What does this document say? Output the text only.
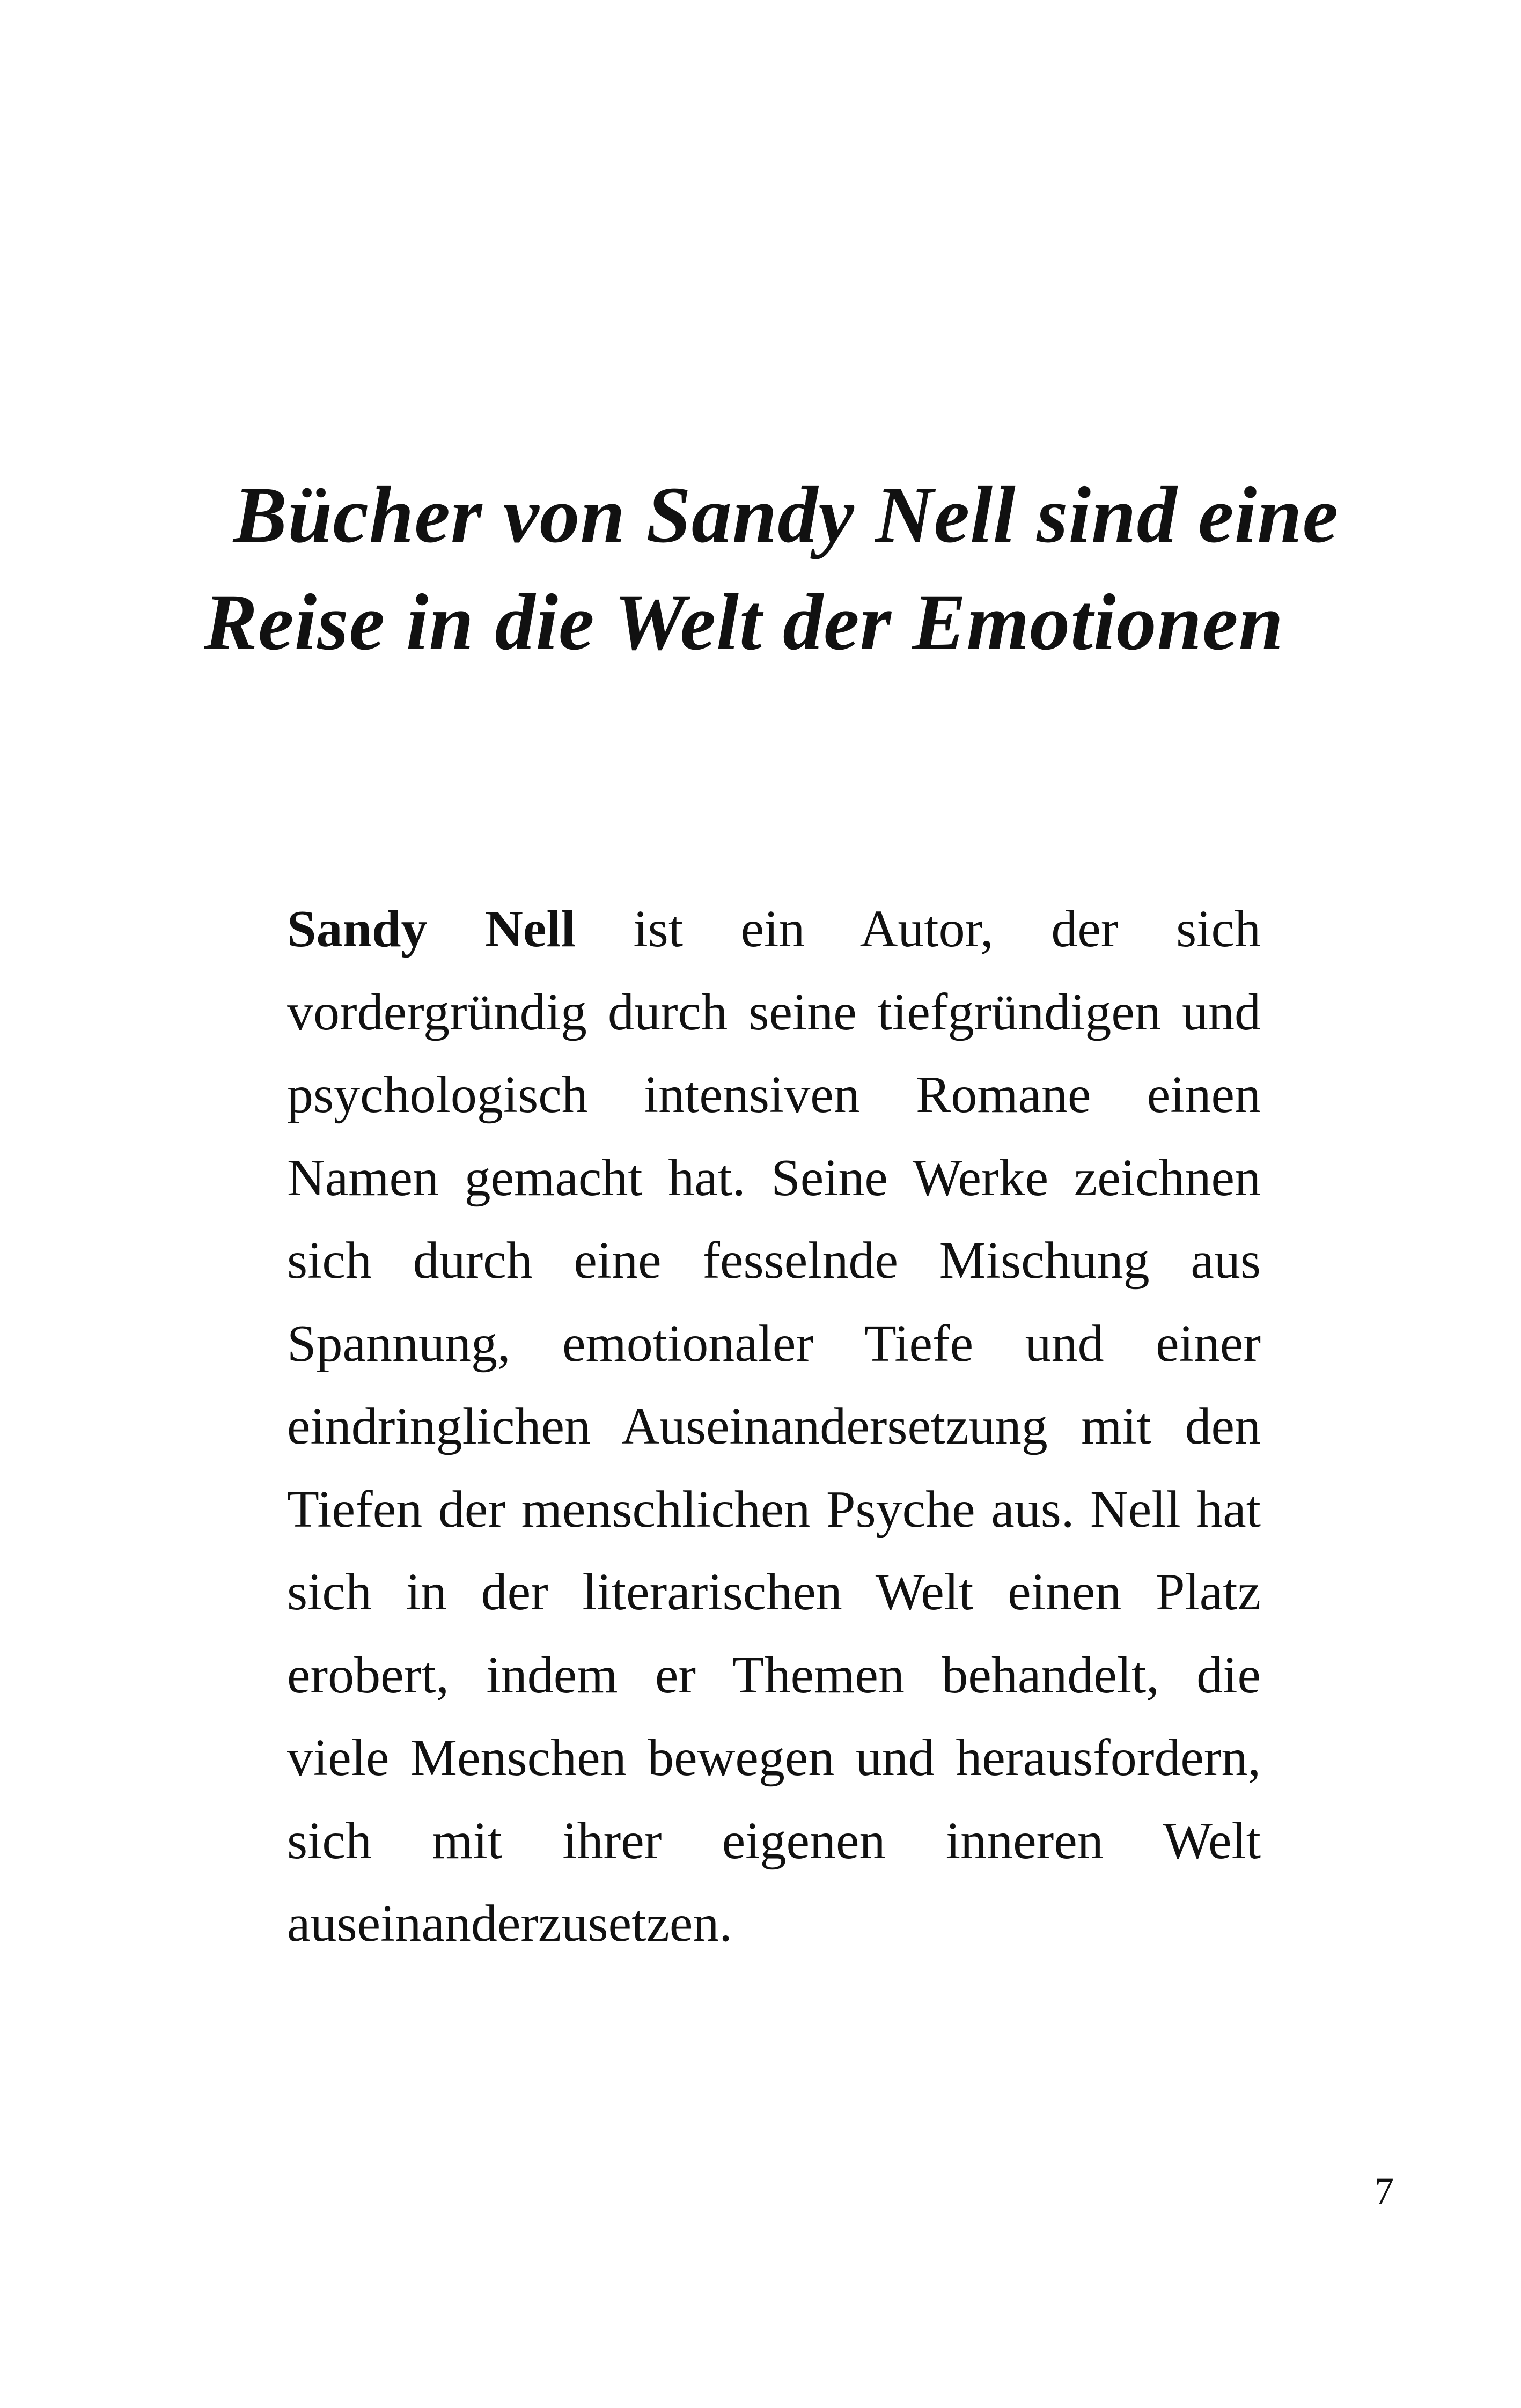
Bücher von Sandy Nell sind eine
Reise in die Welt der Emotionen

Sandy Nell ist ein Autor, der sich vordergründig durch seine tiefgründigen und psychologisch intensiven Romane einen Namen gemacht hat. Seine Werke zeichnen sich durch eine fesselnde Mischung aus Spannung, emotionaler Tiefe und einer eindringlichen Auseinandersetzung mit den Tiefen der menschlichen Psyche aus. Nell hat sich in der literarischen Welt einen Platz erobert, indem er Themen behandelt, die viele Menschen bewegen und herausfordern, sich mit ihrer eigenen inneren Welt auseinanderzusetzen.

7
